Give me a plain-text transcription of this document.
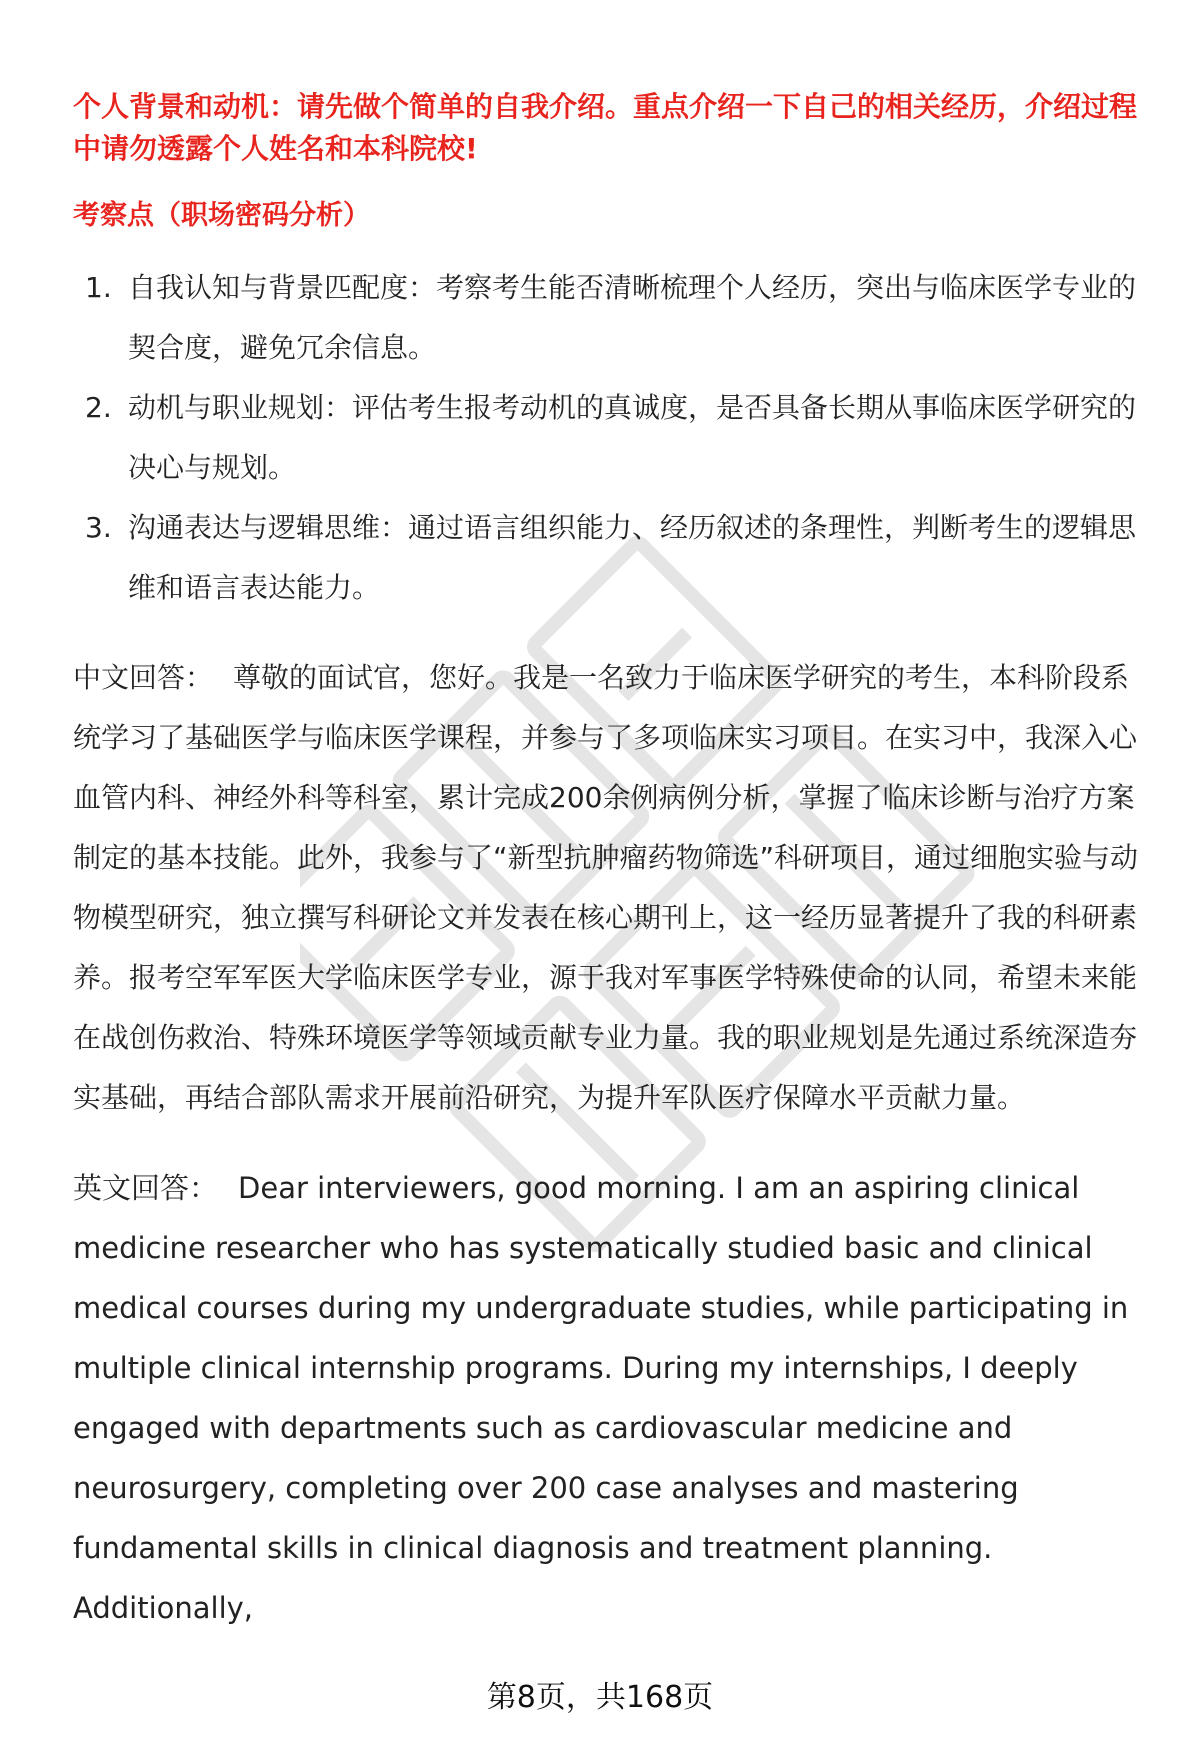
个人背景和动机：请先做个简单的自我介绍。重点介绍一下自己的相关经历，介绍过程中请勿透露个人姓名和本科院校!

考察点（职场密码分析）

1. 自我认知与背景匹配度：考察考生能否清晰梳理个人经历，突出与临床医学专业的契合度，避免冗余信息。
2. 动机与职业规划：评估考生报考动机的真诚度，是否具备长期从事临床医学研究的决心与规划。
3. 沟通表达与逻辑思维：通过语言组织能力、经历叙述的条理性，判断考生的逻辑思维和语言表达能力。

中文回答： 尊敬的面试官，您好。我是一名致力于临床医学研究的考生，本科阶段系统学习了基础医学与临床医学课程，并参与了多项临床实习项目。在实习中，我深入心血管内科、神经外科等科室，累计完成200余例病例分析，掌握了临床诊断与治疗方案制定的基本技能。此外，我参与了“新型抗肿瘤药物筛选”科研项目，通过细胞实验与动物模型研究，独立撰写科研论文并发表在核心期刊上，这一经历显著提升了我的科研素养。报考空军军医大学临床医学专业，源于我对军事医学特殊使命的认同，希望未来能在战创伤救治、特殊环境医学等领域贡献专业力量。我的职业规划是先通过系统深造夯实基础，再结合部队需求开展前沿研究，为提升军队医疗保障水平贡献力量。

英文回答： Dear interviewers, good morning. I am an aspiring clinical medicine researcher who has systematically studied basic and clinical medical courses during my undergraduate studies, while participating in multiple clinical internship programs. During my internships, I deeply engaged with departments such as cardiovascular medicine and neurosurgery, completing over 200 case analyses and mastering fundamental skills in clinical diagnosis and treatment planning. Additionally,

第8页，共168页
